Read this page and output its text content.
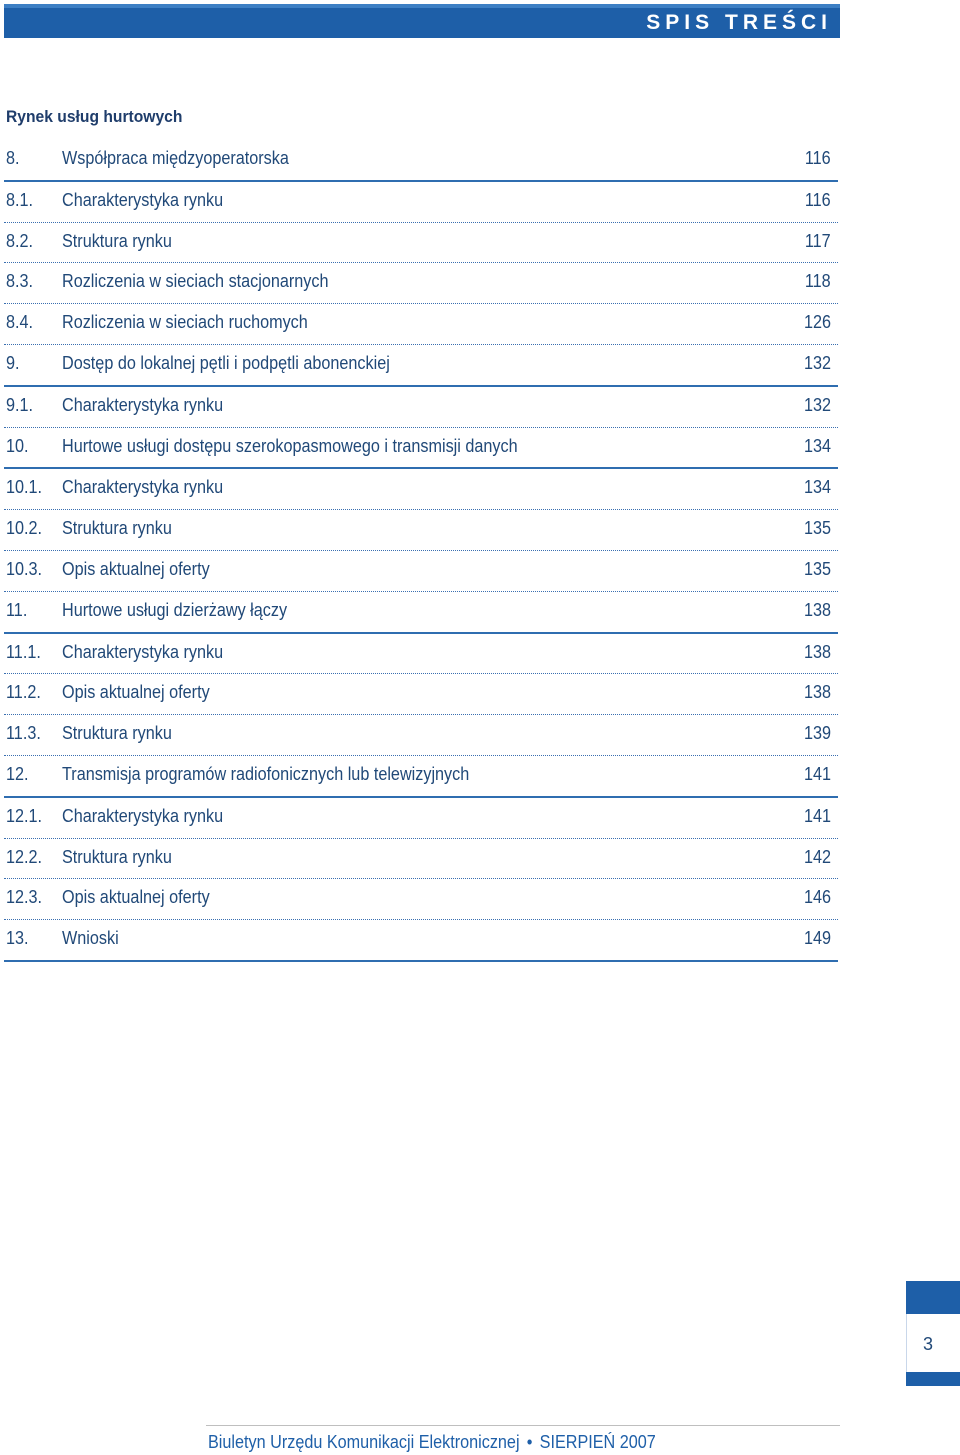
SPIS TREŚCI
Rynek usług hurtowych
8. Współpraca międzyoperatorska	116
8.1. Charakterystyka rynku	116
8.2. Struktura rynku	117
8.3. Rozliczenia w sieciach stacjonarnych	118
8.4. Rozliczenia w sieciach ruchomych	126
9. Dostęp do lokalnej pętli i podpętli abonenckiej	132
9.1. Charakterystyka rynku	132
10. Hurtowe usługi dostępu szerokopasmowego i transmisji danych	134
10.1. Charakterystyka rynku	134
10.2. Struktura rynku	135
10.3. Opis aktualnej oferty	135
11. Hurtowe usługi dzierżawy łączy	138
11.1. Charakterystyka rynku	138
11.2. Opis aktualnej oferty	138
11.3. Struktura rynku	139
12. Transmisja programów radiofonicznych lub telewizyjnych	141
12.1. Charakterystyka rynku	141
12.2. Struktura rynku	142
12.3. Opis aktualnej oferty	146
13. Wnioski	149
3
Biuletyn Urzędu Komunikacji Elektronicznej • SIERPIEŃ 2007
